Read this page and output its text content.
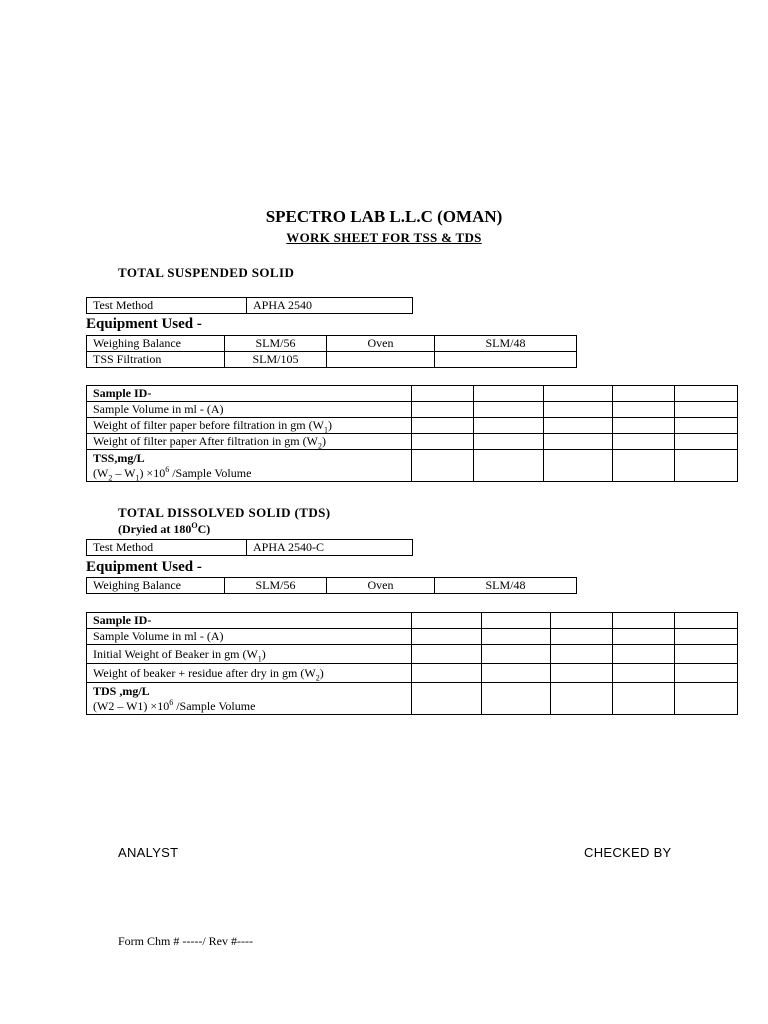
SPECTRO LAB L.L.C (OMAN)
WORK SHEET FOR TSS & TDS
TOTAL SUSPENDED SOLID
Test Method	APHA 2540
Equipment Used -
Weighing Balance	SLM/56	Oven	SLM/48
TSS Filtration	SLM/105		
Sample ID-					
Sample Volume in ml - (A)					
Weight of filter paper before filtration in gm $(W_1)$					
Weight of filter paper After filtration in gm $(W_2)$					

TSS,mg/L
$(W_2 - W_1) \times 10^6$ /Sample Volume					
TOTAL DISSOLVED SOLID (TDS)
(Dryied at $180^OC$)
Test Method	APHA 2540-C
Equipment Used -
Weighing Balance	SLM/56	Oven	SLM/48
Sample ID-					
Sample Volume in ml - (A)					
Initial Weight of Beaker in gm $(W_1)$					
Weight of beaker + residue after dry in gm $(W_2)$					

TDS ,mg/L
$(W2 - W1) \times 10^6$ /Sample Volume					
ANALYST	CHECKED BY
Form Chm # -----/ Rev #----
